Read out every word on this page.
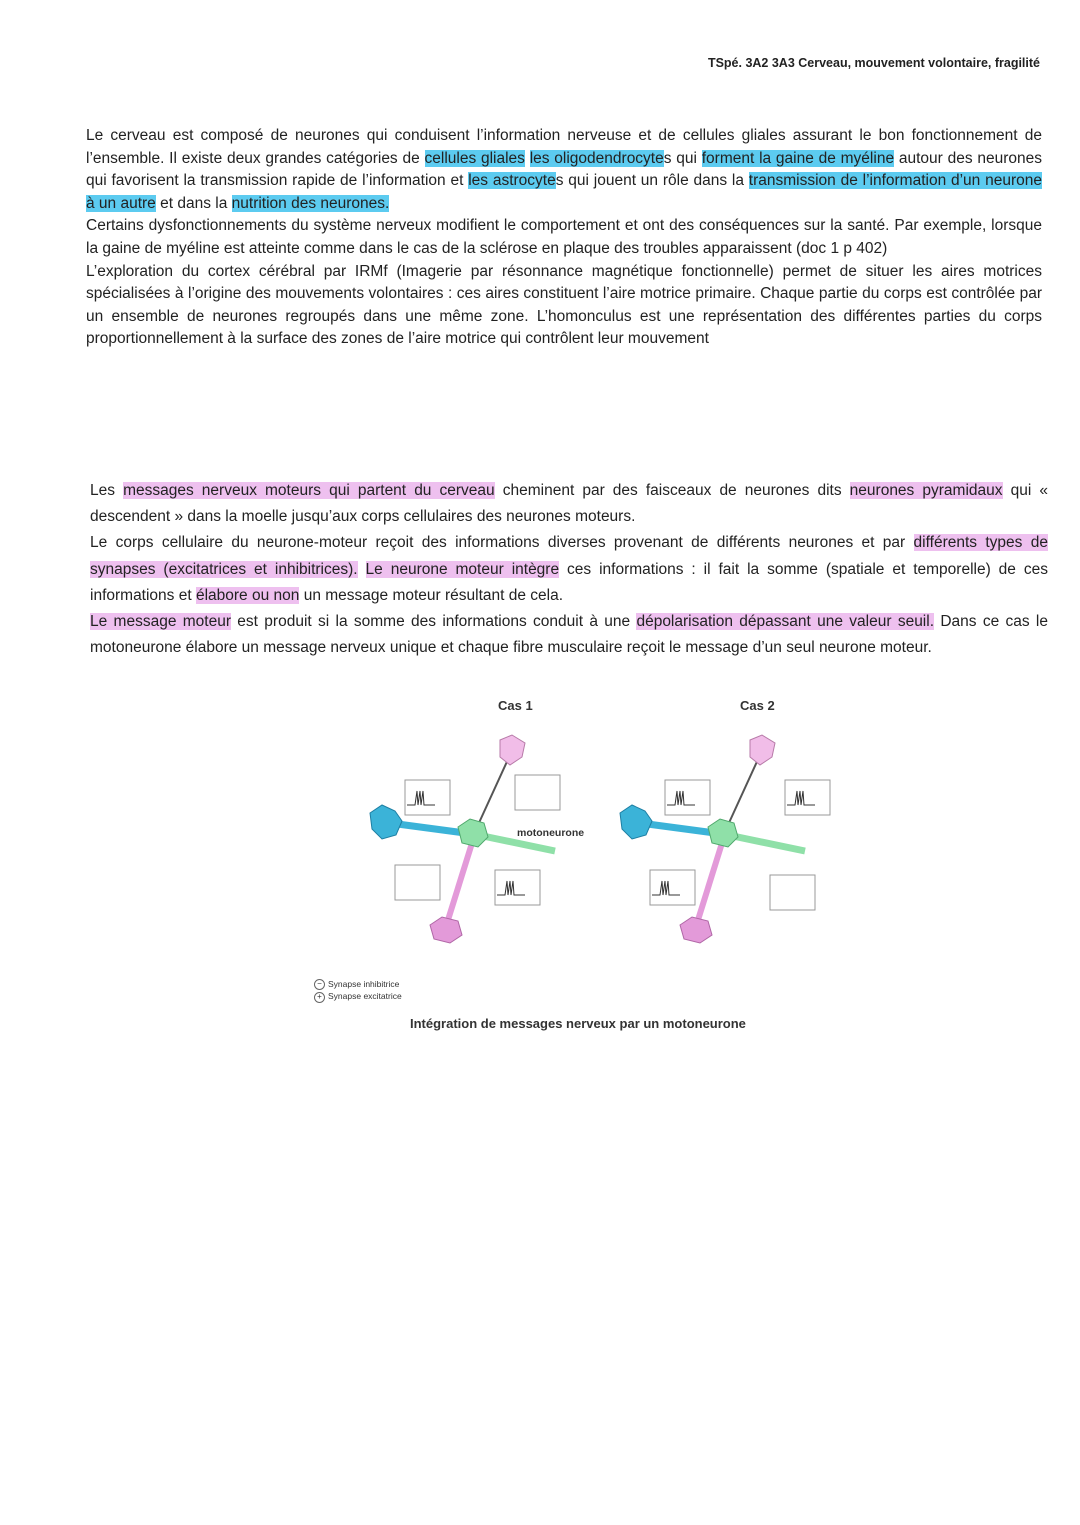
TSpé. 3A2 3A3 Cerveau, mouvement volontaire, fragilité
Le cerveau est composé de neurones qui conduisent l’information nerveuse et de cellules gliales assurant le bon fonctionnement de l’ensemble. Il existe deux grandes catégories de cellules gliales les oligodendrocytes qui forment la gaine de myéline autour des neurones qui favorisent la transmission rapide de l’information et les astrocytes qui jouent un rôle dans la transmission de l’information d’un neurone à un autre et dans la nutrition des neurones.
Certains dysfonctionnements du système nerveux modifient le comportement et ont des conséquences sur la santé. Par exemple, lorsque la gaine de myéline est atteinte comme dans le cas de la sclérose en plaque des troubles apparaissent (doc 1 p 402)
L’exploration du cortex cérébral par IRMf (Imagerie par résonnance magnétique fonctionnelle) permet de situer les aires motrices spécialisées à l’origine des mouvements volontaires : ces aires constituent l’aire motrice primaire. Chaque partie du corps est contrôlée par un ensemble de neurones regroupés dans une même zone. L’homonculus est une représentation des différentes parties du corps proportionnellement à la surface des zones de l’aire motrice qui contrôlent leur mouvement
Les messages nerveux moteurs qui partent du cerveau cheminent par des faisceaux de neurones dits neurones pyramidaux qui « descendent » dans la moelle jusqu’aux corps cellulaires des neurones moteurs.
Le corps cellulaire du neurone-moteur reçoit des informations diverses provenant de différents neurones et par différents types de synapses (excitatrices et inhibitrices). Le neurone moteur intègre ces informations : il fait la somme (spatiale et temporelle) de ces informations et élabore ou non un message moteur résultant de cela.
Le message moteur est produit si la somme des informations conduit à une dépolarisation dépassant une valeur seuil. Dans ce cas le motoneurone élabore un message nerveux unique et chaque fibre musculaire reçoit le message d’un seul neurone moteur.
Cas 1	Cas 2
motoneurone
− Synapse inhibitrice
+ Synapse excitatrice
Intégration de messages nerveux par un motoneurone
